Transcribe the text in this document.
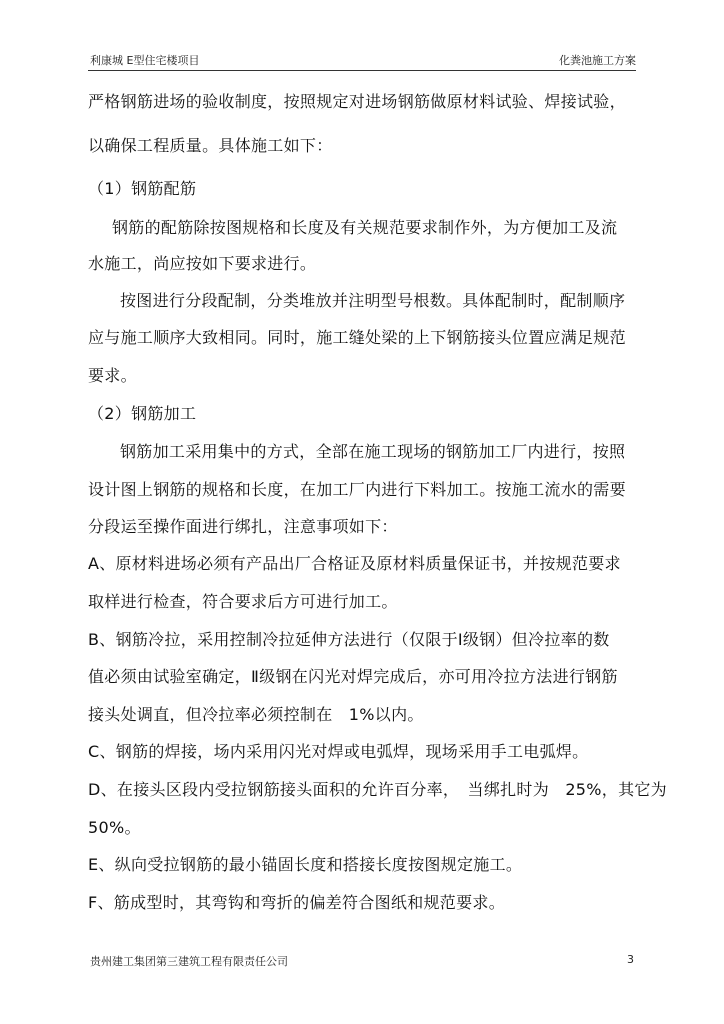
利康城 E型住宅楼项目	化粪池施工方案
严格钢筋进场的验收制度，按照规定对进场钢筋做原材料试验、焊接试验，
以确保工程质量。具体施工如下：
（1）钢筋配筋
钢筋的配筋除按图规格和长度及有关规范要求制作外，为方便加工及流
水施工，尚应按如下要求进行。
按图进行分段配制，分类堆放并注明型号根数。具体配制时，配制顺序
应与施工顺序大致相同。同时，施工缝处梁的上下钢筋接头位置应满足规范
要求。
（2）钢筋加工
钢筋加工采用集中的方式，全部在施工现场的钢筋加工厂内进行，按照
设计图上钢筋的规格和长度，在加工厂内进行下料加工。按施工流水的需要
分段运至操作面进行绑扎，注意事项如下：
A、原材料进场必须有产品出厂合格证及原材料质量保证书，并按规范要求
取样进行检查，符合要求后方可进行加工。
B、钢筋冷拉，采用控制冷拉延伸方法进行（仅限于Ⅰ级钢）但冷拉率的数
值必须由试验室确定，Ⅱ级钢在闪光对焊完成后，亦可用冷拉方法进行钢筋
接头处调直，但冷拉率必须控制在　1%以内。
C、钢筋的焊接，场内采用闪光对焊或电弧焊，现场采用手工电弧焊。
D、在接头区段内受拉钢筋接头面积的允许百分率，　当绑扎时为　25%，其它为
50%。
E、纵向受拉钢筋的最小锚固长度和搭接长度按图规定施工。
F、筋成型时，其弯钩和弯折的偏差符合图纸和规范要求。
贵州建工集团第三建筑工程有限责任公司	3
